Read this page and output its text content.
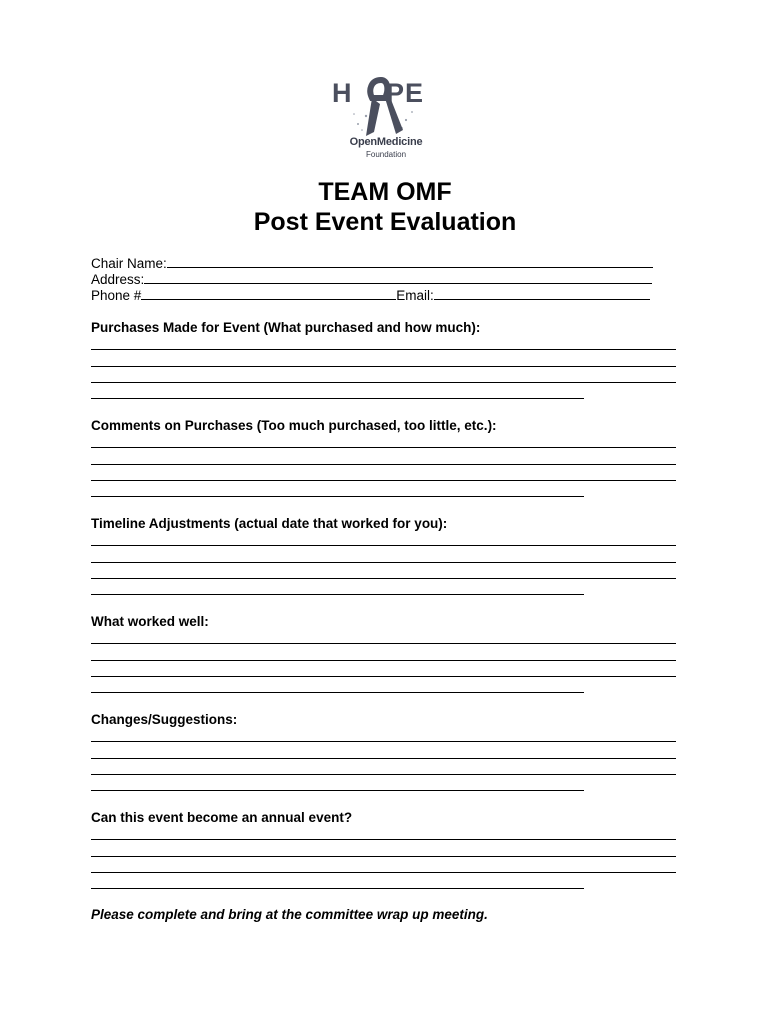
H PE
OpenMedicine
Foundation
TEAM OMF
Post Event Evaluation
Chair Name:
Address:
Phone #	Email:
Purchases Made for Event (What purchased and how much):
Comments on Purchases (Too much purchased, too little, etc.):
Timeline Adjustments (actual date that worked for you):
What worked well:
Changes/Suggestions:
Can this event become an annual event?
Please complete and bring at the committee wrap up meeting.
